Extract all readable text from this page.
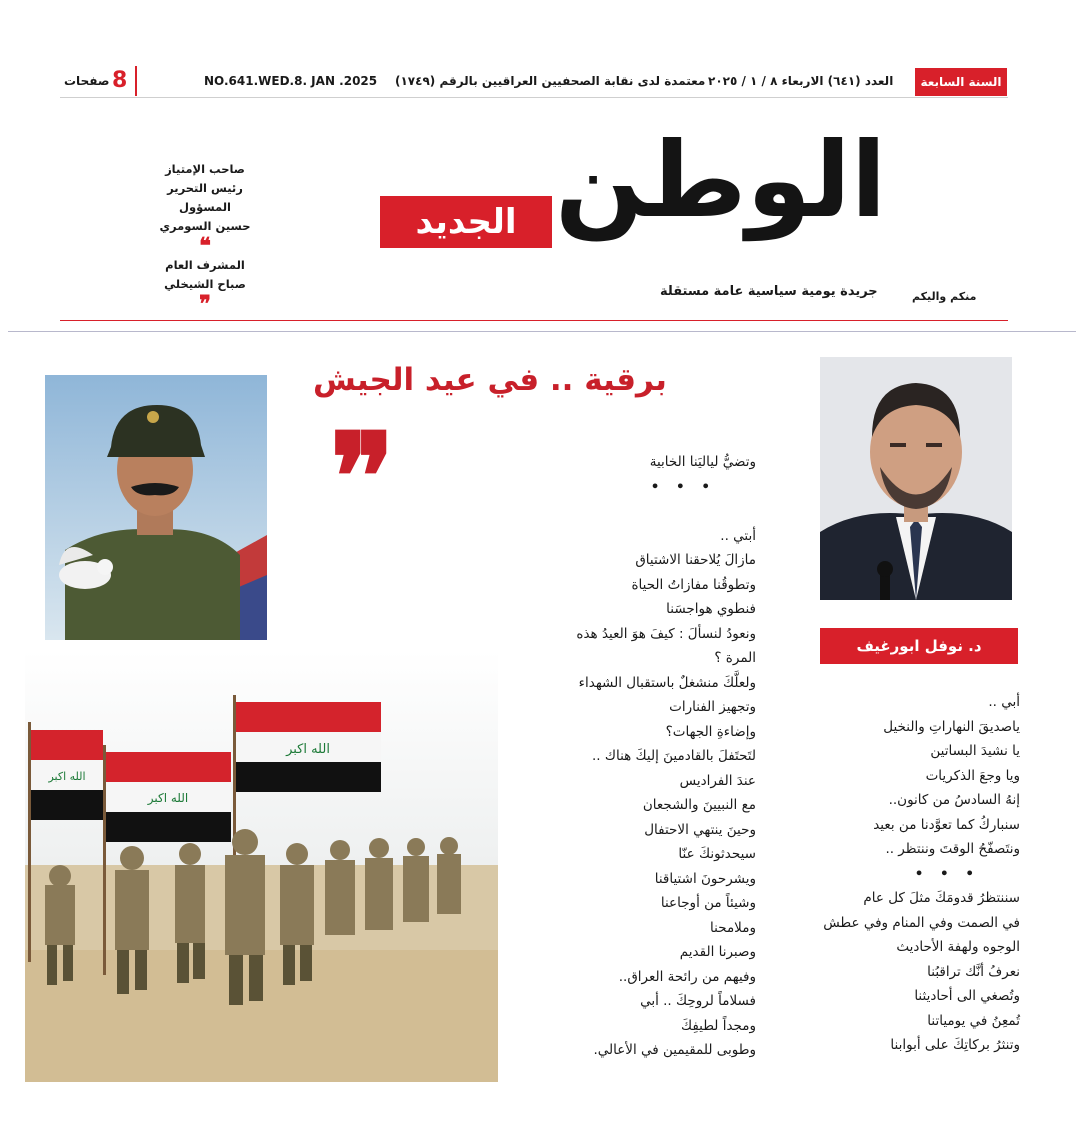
السنة السابعة
العدد (٦٤١) الاربعاء ٨ / ١ / ٢٠٢٥
معتمدة لدى نقابة الصحفيين العراقيين بالرقم (١٧٤٩)
NO.641.WED.8. JAN .2025
8
صفحات
الوطن
الجديد
جريدة يومية سياسية عامة مستقلة	منكم واليكم
صاحب الإمتياز
رئيس التحرير المسؤول
حسين السومري
❝
المشرف العام
صباح الشيخلي
❞
برقية .. في عيد الجيش
❞
د. نوفل ابورغيف
الله اكبر
الله اكبر
الله اكبر

وتضيُّ لياليَنا الخابية

• • •

أبتي ..

مازالَ يُلاحقنا الاشتياق

وتطوقُنا مفازاتُ الحياة

فنطوي هواجسَنا

ونعودُ لنسألَ : كيفَ هوَ العيدُ هذه

المرة ؟

ولعلَّكَ منشغلٌ باستقبال الشهداء

وتجهيز الفنارات

وإضاءةِ الجهات؟

لتَحتَفلَ بالقادمينَ إليكَ هناك ..

عندَ الفراديس

مع النبيينَ والشجعان

وحينَ ينتهي الاحتفال

سيحدثونكَ عنّا

ويشرحونَ اشتياقنا

وشيئاً من أوجاعنا

وملامحنا

وصبرنا القديم

وفيهم من رائحة العراق..

فسلاماً لروحِكَ .. أبي

ومجداً لطيفِكَ

وطوبى للمقيمين في الأعالي.

أبي ..

ياصديقَ النهاراتِ والنخيل

يا نشيدَ البساتين

ويا وجعَ الذكريات

إنهُ السادسُ من كانون..

سنباركُ كما تعوَّدنا من بعيد

ونتَصفّحُ الوقتَ وننتظر ..

• • •

سننتظرُ قدومَكَ مثلَ كل عام

في الصمت وفي المنام وفي عطش

الوجوه ولهفة الأحاديث

نعرفُ أنَّك تراقبُنا

وتُصغي الى أحاديثنا

تُمعِنُ في يومياتنا

وتنثرُ بركاتِكَ على أبوابنا
